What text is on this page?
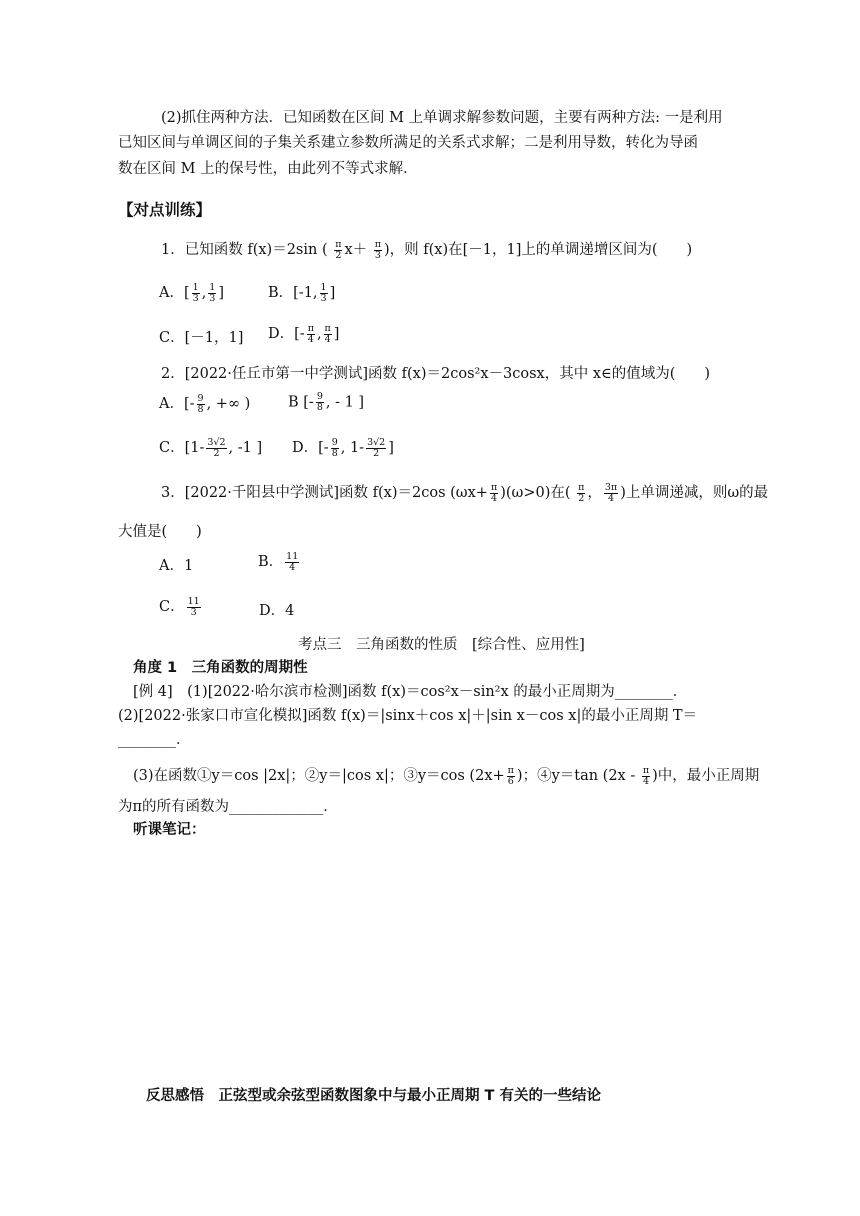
(2)抓住两种方法．已知函数在区间 M 上单调求解参数问题，主要有两种方法: 一是利用
已知区间与单调区间的子集关系建立参数所满足的关系式求解；二是利用导数，转化为导函
数在区间 M 上的保号性，由此列不等式求解．
【对点训练】
1．已知函数 f(x)＝2sin ( $\frac{\pi}{2} x+ \frac{\pi}{3}$ )，则 f(x)在[－1，1]上的单调递增区间为(　　)
A．[ $\frac{1}{3}$ , $\frac{1}{3}$ ]	B．[-1, $\frac{1}{3}$ ]
C．[－1，1] D．[- $\frac{\pi}{4}$ , $\frac{\pi}{4}$ ]
2．[2022·任丘市第一中学测试]函数 f(x)＝2cos²x－3cosx，其中 x∈的值域为(　　)
A．[- $\frac{9}{8}$ , +∞ )	B [- $\frac{9}{8}$ , - 1 ]
C．[$1- \frac{3√2}{2}$ , -1 ] D．[- $\frac{9}{8}$ , $1- \frac{3√2}{2}$ ]
3．[2022·千阳县中学测试]函数 f(x)＝2cos $(\omega x+ \frac{\pi}{4} )(\omega>0)$在( $\frac{\pi}{2}$ ， $\frac{3\pi}{4}$ )上单调递减，则ω的最
大值是(　　)
A．1	B． $\frac{11}{4}$
C． $\frac{11}{3}$	D．4
考点三　三角函数的性质　[综合性、应用性]
角度 1　三角函数的周期性
[例 4]　(1)[2022·哈尔滨市检测]函数 f(x)＝cos²x－sin²x 的最小正周期为________．
(2)[2022·张家口市宣化模拟]函数 f(x)＝|sinx＋cos x|＋|sin x－cos x|的最小正周期 T＝
________．
(3)在函数①y＝cos |2x|；②y＝|cos x|；③y＝cos ($2x+ \frac{\pi}{6}$ )；④y＝tan ($2x - \frac{\pi}{4}$ )中，最小正周期
为π的所有函数为_____________．
听课笔记：
反思感悟　正弦型或余弦型函数图象中与最小正周期 T 有关的一些结论
